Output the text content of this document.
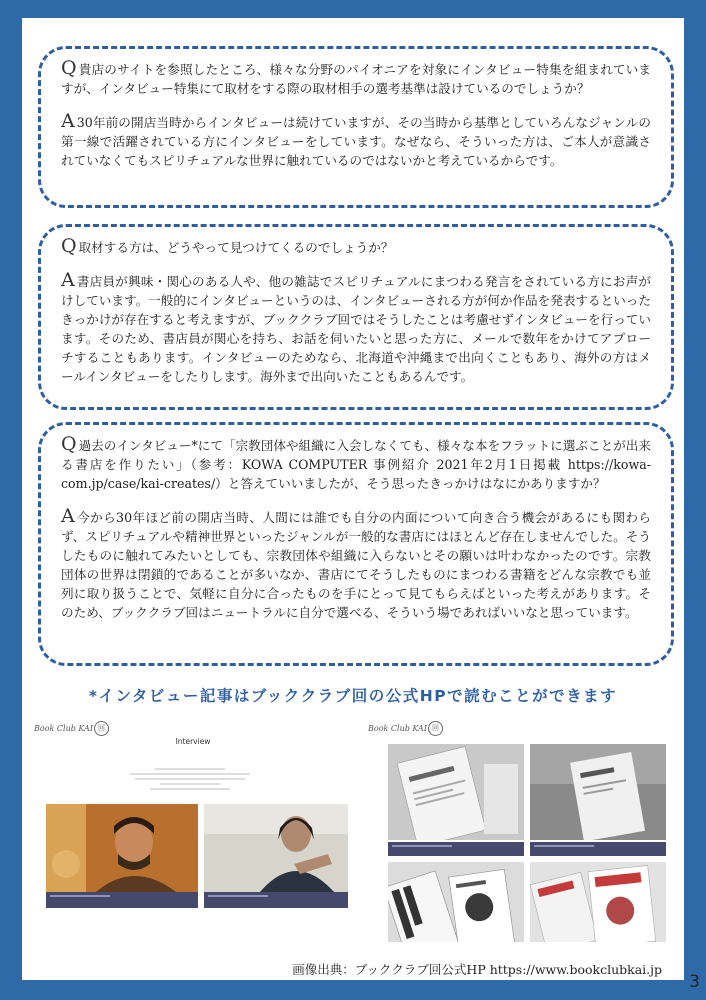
Q貴店のサイトを参照したところ、様々な分野のパイオニアを対象にインタビュー特集を組まれていますが、インタビュー特集にて取材をする際の取材相手の選考基準は設けているのでしょうか？

A 30年前の開店当時からインタビューは続けていますが、その当時から基準としていろんなジャンルの第一線で活躍されている方にインタビューをしています。なぜなら、そういった方は、ご本人が意識されていなくてもスピリチュアルな世界に触れているのではないかと考えているからです。

Q取材する方は、どうやって見つけてくるのでしょうか？

A書店員が興味・関心のある人や、他の雑誌でスピリチュアルにまつわる発言をされている方にお声がけしています。一般的にインタビューというのは、インタビューされる方が何か作品を発表するといったきっかけが存在すると考えますが、ブッククラブ回ではそうしたことは考慮せずインタビューを行っています。そのため、書店員が関心を持ち、お話を伺いたいと思った方に、メールで数年をかけてアプローチすることもあります。インタビューのためなら、北海道や沖縄まで出向くこともあり、海外の方はメールインタビューをしたりします。海外まで出向いたこともあるんです。

Q過去のインタビュー*にて「宗教団体や組織に入会しなくても、様々な本をフラットに選ぶことが出来る書店を作りたい」（参考：KOWA COMPUTER 事例紹介 2021年2月1日掲載 https://kowa-com.jp/case/kai-creates/）と答えていいましたが、そう思ったきっかけはなにかありますか？

A今から30年ほど前の開店当時、人間には誰でも自分の内面について向き合う機会があるにも関わらず、スピリチュアルや精神世界といったジャンルが一般的な書店にはほとんど存在しませんでした。そうしたものに触れてみたいとしても、宗教団体や組織に入らないとその願いは叶わなかったのです。宗教団体の世界は閉鎖的であることが多いなか、書店にてそうしたものにまつわる書籍をどんな宗教でも並列に取り扱うことで、気軽に自分に合ったものを手にとって見てもらえばといった考えがあります。そのため、ブッククラブ回はニュートラルに自分で選べる、そういう場であればいいなと思っています。

*インタビュー記事はブッククラブ回の公式HPで読むことができます
Book Club KAI 回
Interview
Book Club KAI 回
画像出典：ブッククラブ回公式HP https://www.bookclubkai.jp
3
